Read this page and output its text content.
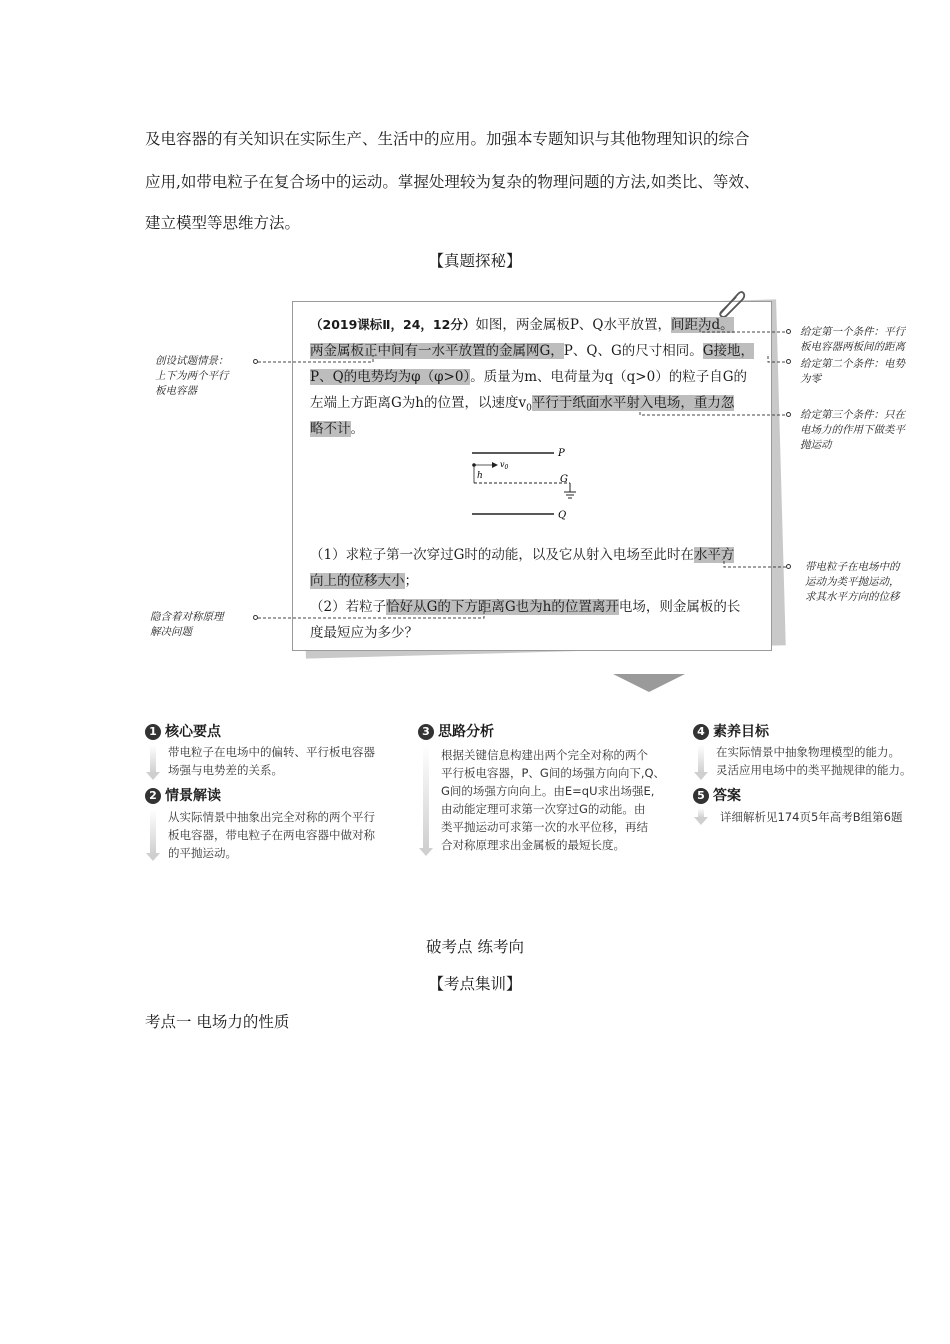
及电容器的有关知识在实际生产、生活中的应用。加强本专题知识与其他物理知识的综合
应用,如带电粒子在复合场中的运动。掌握处理较为复杂的物理问题的方法,如类比、等效、
建立模型等思维方法。
【真题探秘】
（2019课标Ⅱ，24，12分）如图，两金属板P、Q水平放置，间距为d。
两金属板正中间有一水平放置的金属网G，P、Q、G的尺寸相同。G接地，
P、Q的电势均为φ（φ>0）。质量为m、电荷量为q（q>0）的粒子自G的
左端上方距离G为h的位置，以速度$v_0$平行于纸面水平射入电场，重力忽
略不计。
P
G
Q
h
$v_0$
（1）求粒子第一次穿过G时的动能，以及它从射入电场至此时在水平方
向上的位移大小；
（2）若粒子恰好从G的下方距离G也为h的位置离开电场，则金属板的长
度最短应为多少？
创设试题情景：
上下为两个平行
板电容器
隐含着对称原理
解决问题
给定第一个条件：平行
板电容器两板间的距离
给定第二个条件：电势
为零
给定第三个条件：只在
电场力的作用下做类平
抛运动
带电粒子在电场中的
运动为类平抛运动，
求其水平方向的位移
1 核心要点
带电粒子在电场中的偏转、平行板电容器
场强与电势差的关系。
2 情景解读
从实际情景中抽象出完全对称的两个平行
板电容器，带电粒子在两电容器中做对称
的平抛运动。
3 思路分析
根据关键信息构建出两个完全对称的两个
平行板电容器，P、G间的场强方向向下,Q、
G间的场强方向向上。由E=qU求出场强E,
由动能定理可求第一次穿过G的动能。由
类平抛运动可求第一次的水平位移，再结
合对称原理求出金属板的最短长度。
4 素养目标
在实际情景中抽象物理模型的能力。
灵活应用电场中的类平抛规律的能力。
5 答案
详细解析见174页5年高考B组第6题
破考点 练考向
【考点集训】
考点一 电场力的性质
